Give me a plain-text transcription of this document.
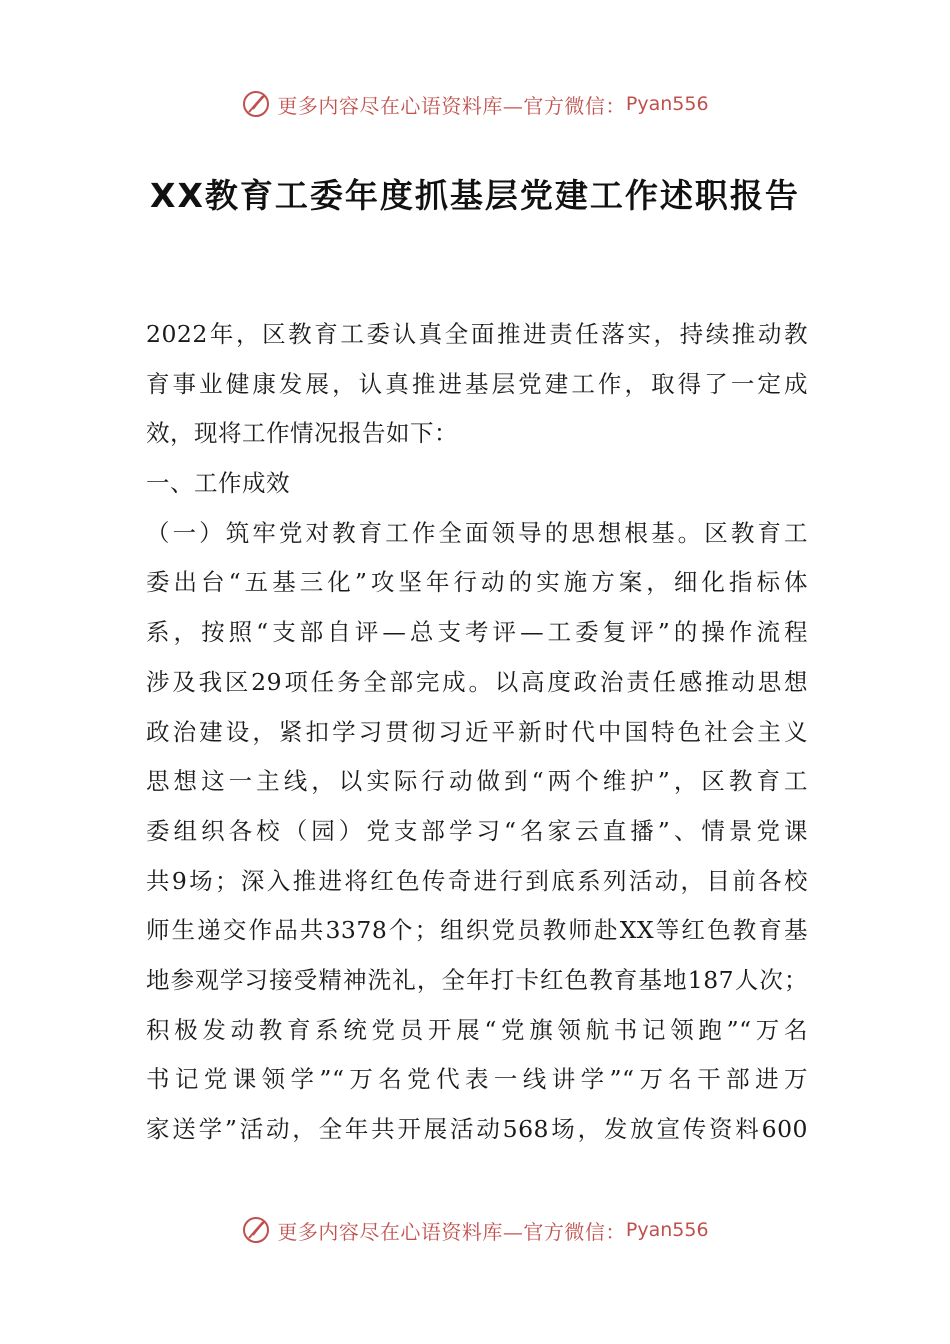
更多内容尽在心语资料库—官方微信： Pyan556
XX教育工委年度抓基层党建工作述职报告
2022年，区教育工委认真全面推进责任落实，持续推动教
育事业健康发展，认真推进基层党建工作，取得了一定成
效，现将工作情况报告如下：
一、工作成效
（一）筑牢党对教育工作全面领导的思想根基。区教育工
委出台“五基三化”攻坚年行动的实施方案，细化指标体
系，按照“支部自评—总支考评—工委复评”的操作流程
涉及我区29项任务全部完成。以高度政治责任感推动思想
政治建设，紧扣学习贯彻习近平新时代中国特色社会主义
思想这一主线，以实际行动做到“两个维护”，区教育工
委组织各校（园）党支部学习“名家云直播”、情景党课
共9场；深入推进将红色传奇进行到底系列活动，目前各校
师生递交作品共3378个；组织党员教师赴XX等红色教育基
地参观学习接受精神洗礼，全年打卡红色教育基地187人次；
积极发动教育系统党员开展“党旗领航书记领跑”“万名
书记党课领学”“万名党代表一线讲学”“万名干部进万
家送学”活动，全年共开展活动568场，发放宣传资料600
更多内容尽在心语资料库—官方微信： Pyan556
